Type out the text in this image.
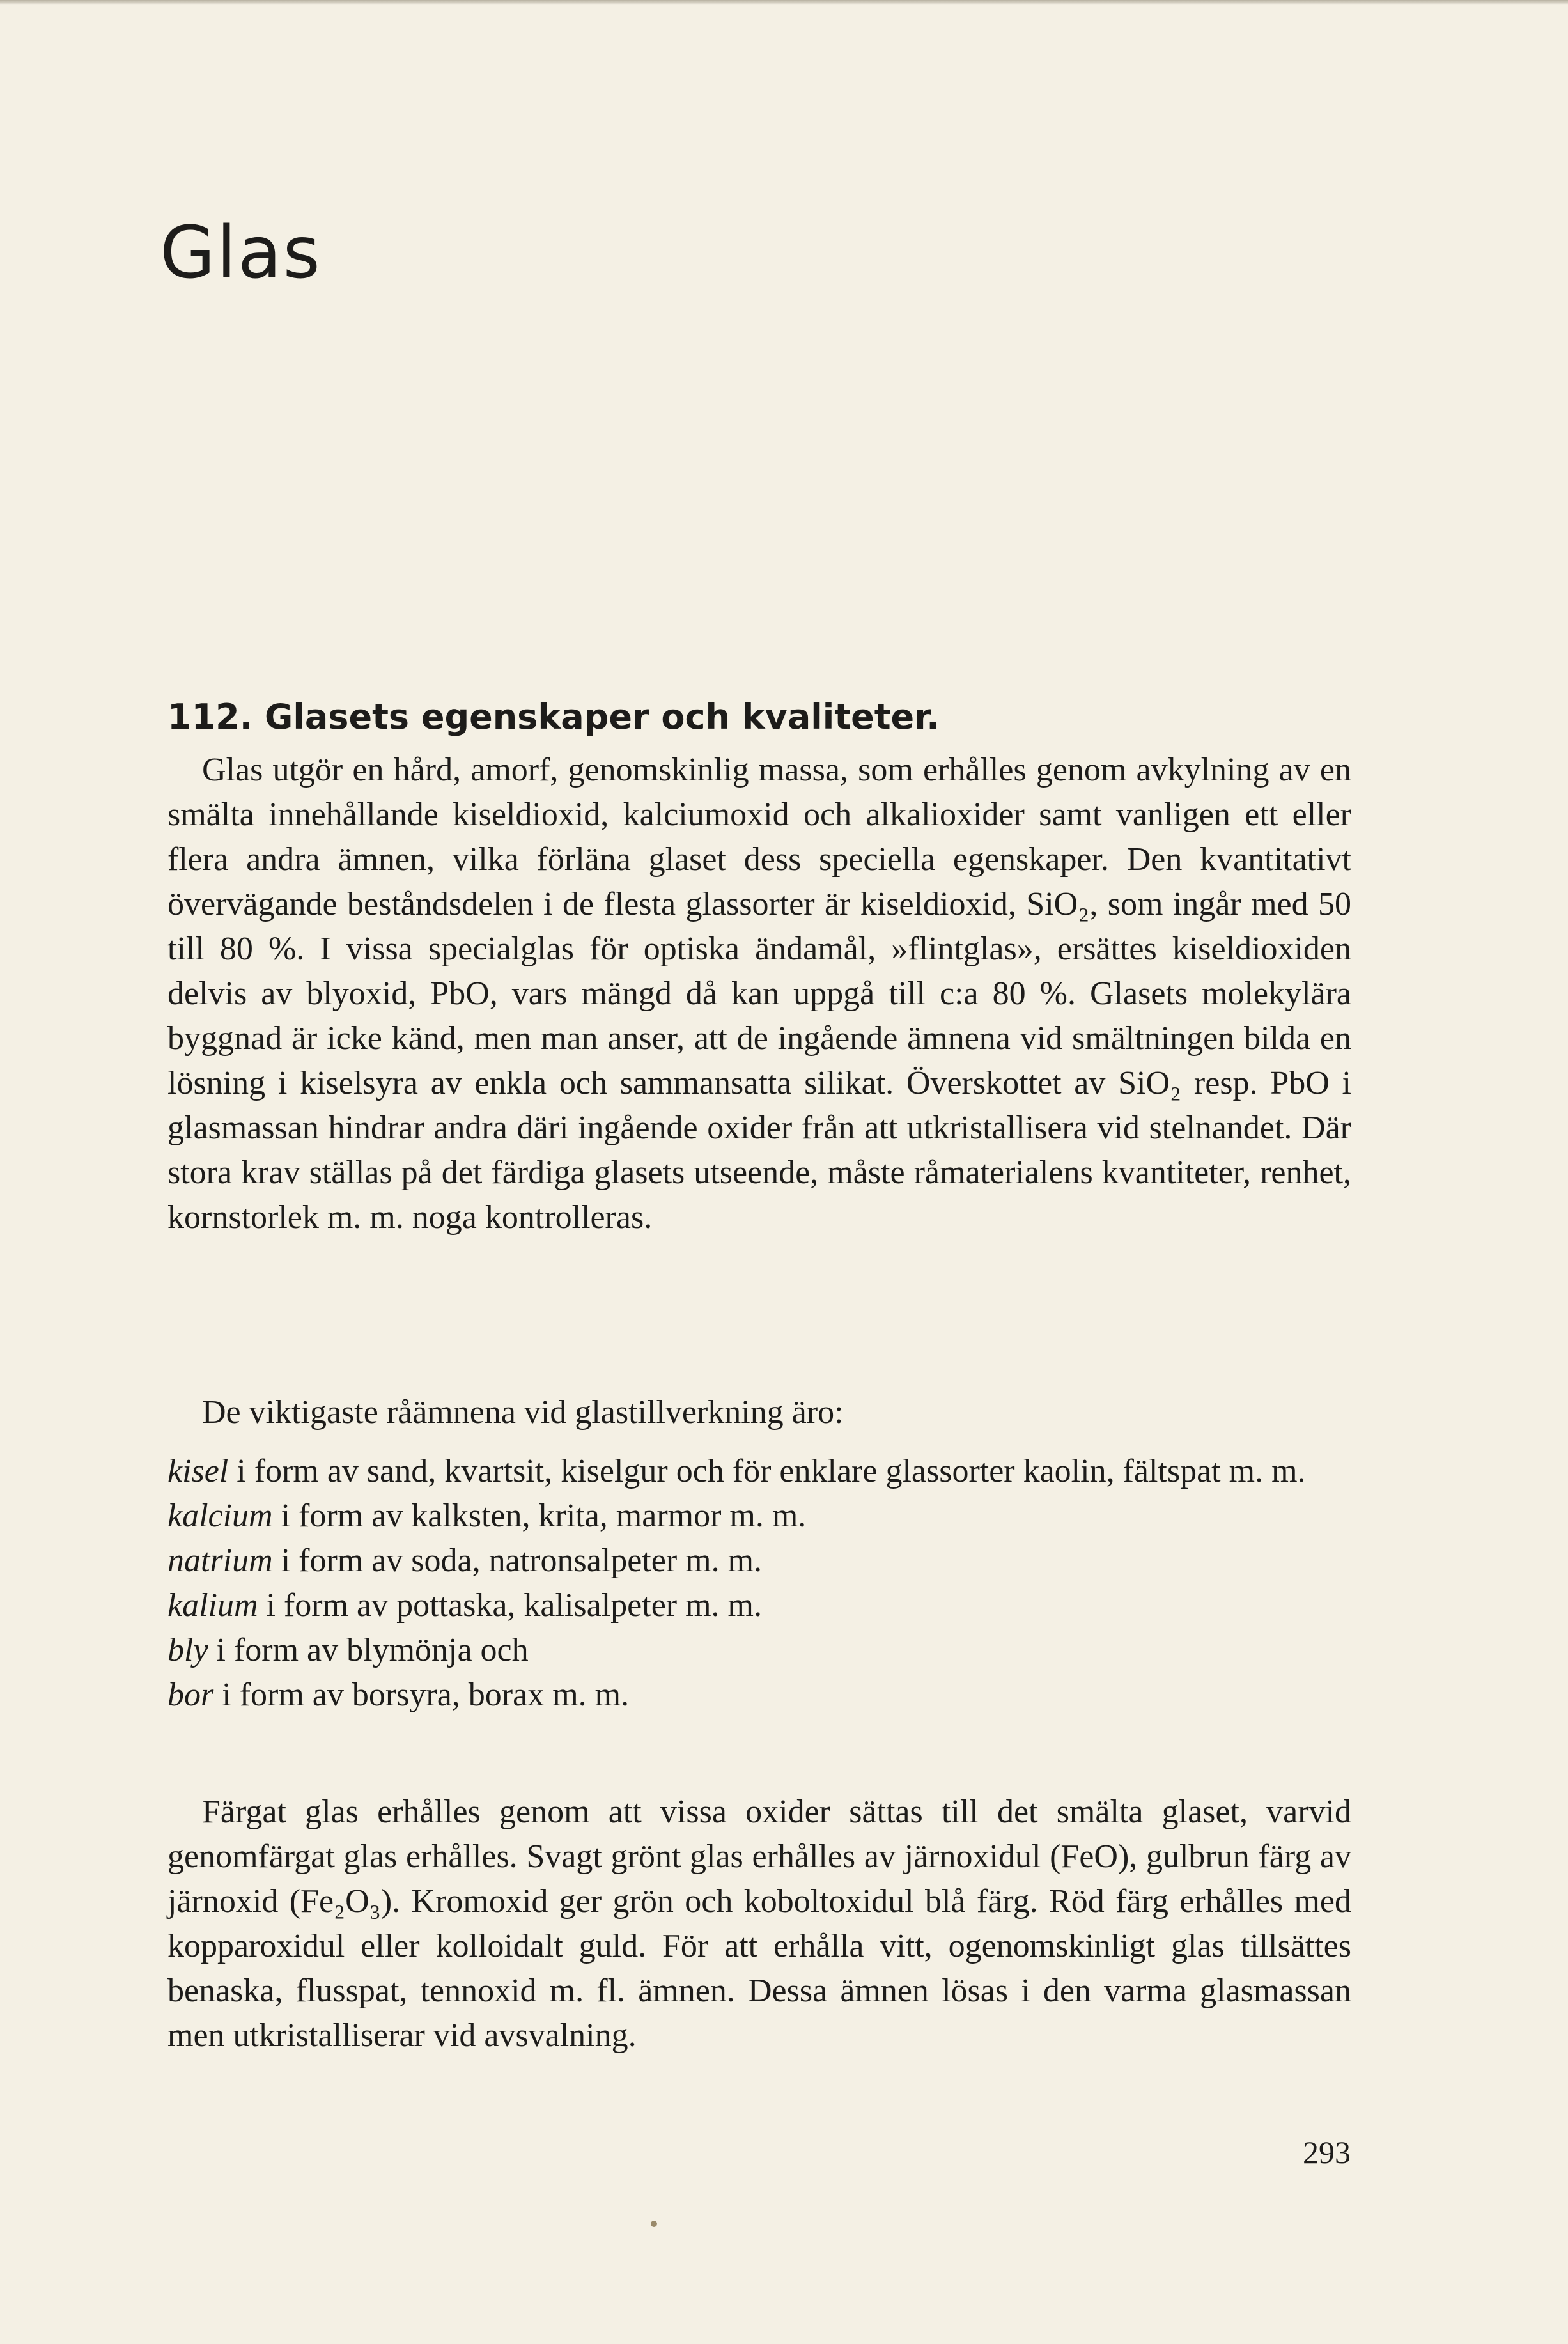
Glas
112. Glasets egenskaper och kvaliteter.

Glas utgör en hård, amorf, genomskinlig massa, som erhålles genom avkylning av en smälta innehållande kiseldioxid, kalciumoxid och alkalioxider samt vanligen ett eller flera andra ämnen, vilka förläna glaset dess speciella egenskaper. Den kvantitativt övervägande beståndsdelen i de flesta glassorter är kiseldioxid, SiO₂, som ingår med 50 till 80 %. I vissa specialglas för optiska ändamål, »flintglas», ersättes kiseldioxiden delvis av blyoxid, PbO, vars mängd då kan uppgå till c:a 80 %. Glasets molekylära byggnad är icke känd, men man anser, att de ingående ämnena vid smältningen bilda en lösning i kiselsyra av enkla och sammansatta silikat. Överskottet av SiO₂ resp. PbO i glasmassan hindrar andra däri ingående oxider från att utkristallisera vid stelnandet. Där stora krav ställas på det färdiga glasets utseende, måste råmaterialens kvantiteter, renhet, kornstorlek m. m. noga kontrolleras.

De viktigaste råämnena vid glastillverkning äro:

kisel i form av sand, kvartsit, kiselgur och för enklare glassorter kaolin, fältspat m. m.
kalcium i form av kalksten, krita, marmor m. m.
natrium i form av soda, natronsalpeter m. m.
kalium i form av pottaska, kalisalpeter m. m.
bly i form av blymönja och
bor i form av borsyra, borax m. m.

Färgat glas erhålles genom att vissa oxider sättas till det smälta glaset, varvid genomfärgat glas erhålles. Svagt grönt glas erhålles av järnoxidul (FeO), gulbrun färg av järnoxid (Fe₂O₃). Kromoxid ger grön och koboltoxidul blå färg. Röd färg erhålles med kopparoxidul eller kolloidalt guld. För att erhålla vitt, ogenomskinligt glas tillsättes benaska, flusspat, tennoxid m. fl. ämnen. Dessa ämnen lösas i den varma glasmassan men utkristalliserar vid avsvalning.

293
